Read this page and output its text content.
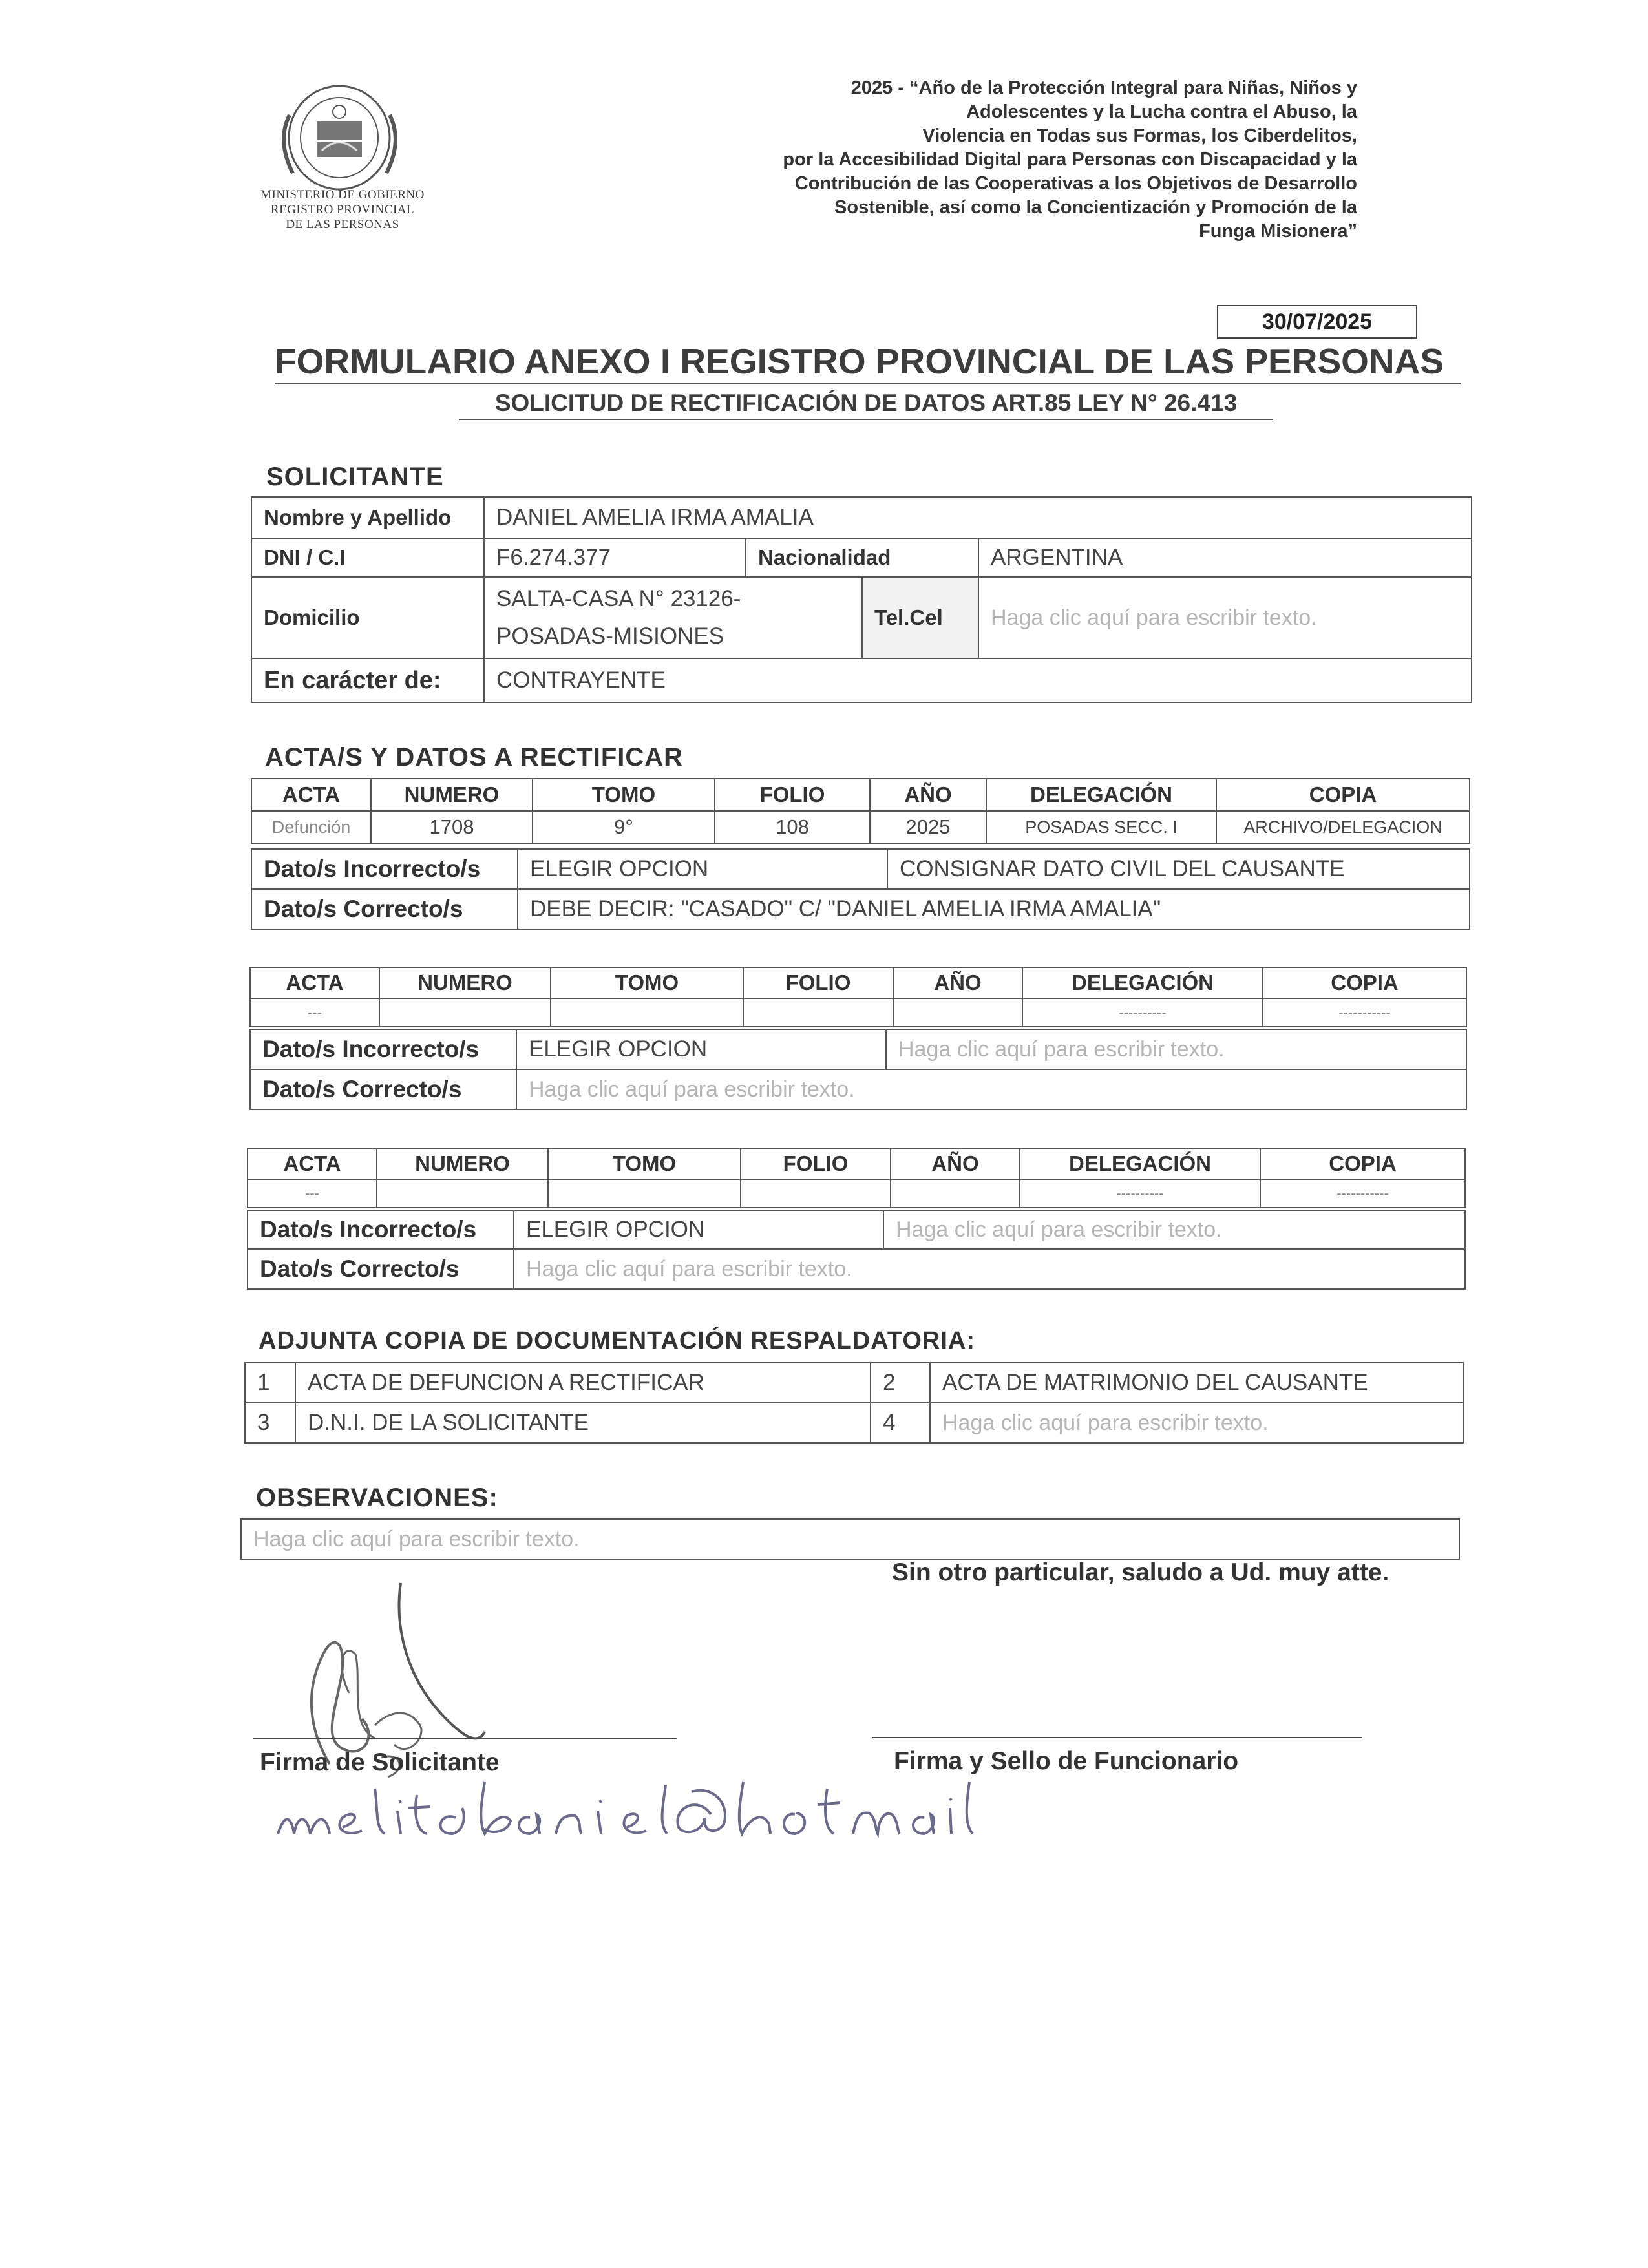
MINISTERIO DE GOBIERNO
REGISTRO PROVINCIAL
DE LAS PERSONAS
2025 - “Año de la Protección Integral para Niñas, Niños y
Adolescentes y la Lucha contra el Abuso, la
Violencia en Todas sus Formas, los Ciberdelitos,
por la Accesibilidad Digital para Personas con Discapacidad y la
Contribución de las Cooperativas a los Objetivos de Desarrollo
Sostenible, así como la Concientización y Promoción de la
Funga Misionera”
30/07/2025
FORMULARIO ANEXO I REGISTRO PROVINCIAL DE LAS PERSONAS
SOLICITUD DE RECTIFICACIÓN DE DATOS ART.85 LEY N° 26.413
SOLICITANTE
Nombre y Apellido	DANIEL AMELIA IRMA AMALIA			
DNI / C.I	F6.274.377	Nacionalidad		ARGENTINA
Domicilio	SALTA-CASA N° 23126-
POSADAS-MISIONES		Tel.Cel	Haga clic aquí para escribir texto.
En carácter de:	CONTRAYENTE			
ACTA/S Y DATOS A RECTIFICAR
ACTA	NUMERO	TOMO	FOLIO	AÑO	DELEGACIÓN	COPIA
Defunción	1708	9°	108	2025	POSADAS SECC. I	ARCHIVO/DELEGACION
Dato/s Incorrecto/s	ELEGIR OPCION	CONSIGNAR DATO CIVIL DEL CAUSANTE
Dato/s Correcto/s	DEBE DECIR: "CASADO" C/ "DANIEL AMELIA IRMA AMALIA"	
ACTA	NUMERO	TOMO	FOLIO	AÑO	DELEGACIÓN	COPIA
---					----------	-----------
Dato/s Incorrecto/s	ELEGIR OPCION	Haga clic aquí para escribir texto.
Dato/s Correcto/s	Haga clic aquí para escribir texto.	
ACTA	NUMERO	TOMO	FOLIO	AÑO	DELEGACIÓN	COPIA
---					----------	-----------
Dato/s Incorrecto/s	ELEGIR OPCION	Haga clic aquí para escribir texto.
Dato/s Correcto/s	Haga clic aquí para escribir texto.	
ADJUNTA COPIA DE DOCUMENTACIÓN RESPALDATORIA:
1	ACTA DE DEFUNCION A RECTIFICAR	2	ACTA DE MATRIMONIO DEL CAUSANTE
3	D.N.I. DE LA SOLICITANTE	4	Haga clic aquí para escribir texto.
OBSERVACIONES:
Haga clic aquí para escribir texto.
Sin otro particular, saludo a Ud. muy atte.
Firma de Solicitante	Firma y Sello de Funcionario
